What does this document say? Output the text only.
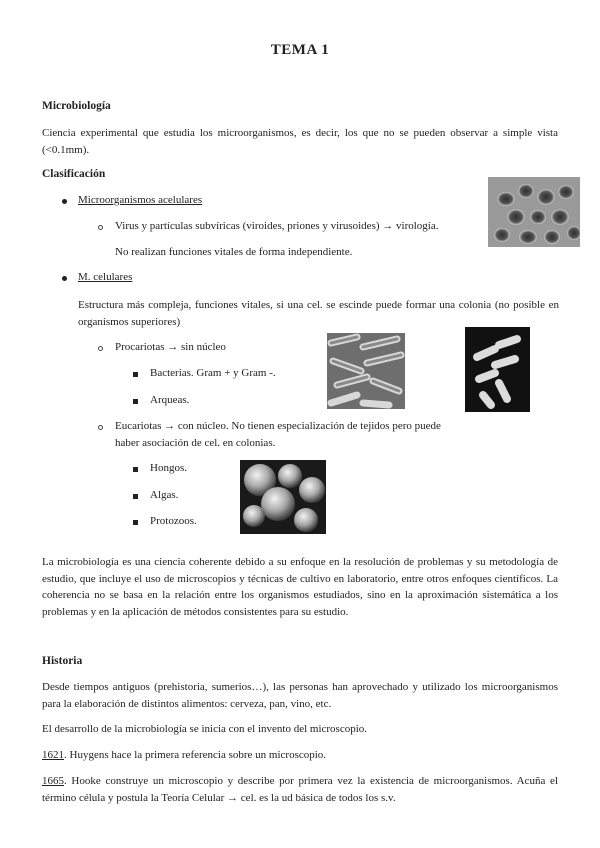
TEMA 1
Microbiología
Ciencia experimental que estudia los microorganismos, es decir, los que no se pueden observar a simple vista (<0.1mm).
Clasificación
Microorganismos acelulares
Virus y partículas subvíricas (viroides, priones y virusoides) → virología.
No realizan funciones vitales de forma independiente.
M. celulares
Estructura más compleja, funciones vitales, si una cel. se escinde puede formar una colonia (no posible en organismos superiores)
Procariotas → sin núcleo
Bacterias. Gram + y Gram -.
Arqueas.
Eucariotas → con núcleo. No tienen especialización de tejidos pero puede haber asociación de cel. en colonias.
Hongos.
Algas.
Protozoos.
La microbiología es una ciencia coherente debido a su enfoque en la resolución de problemas y su metodología de estudio, que incluye el uso de microscopios y técnicas de cultivo en laboratorio, entre otros enfoques científicos. La coherencia no se basa en la relación entre los organismos estudiados, sino en la aproximación sistemática a los problemas y en la aplicación de métodos consistentes para su estudio.
Historia
Desde tiempos antiguos (prehistoria, sumerios…), las personas han aprovechado y utilizado los microorganismos para la elaboración de distintos alimentos: cerveza, pan, vino, etc.
El desarrollo de la microbiología se inicia con el invento del microscopio.
1621. Huygens hace la primera referencia sobre un microscopio.
1665. Hooke construye un microscopio y describe por primera vez la existencia de microorganismos. Acuña el término célula y postula la Teoría Celular → cel. es la ud básica de todos los s.v.
